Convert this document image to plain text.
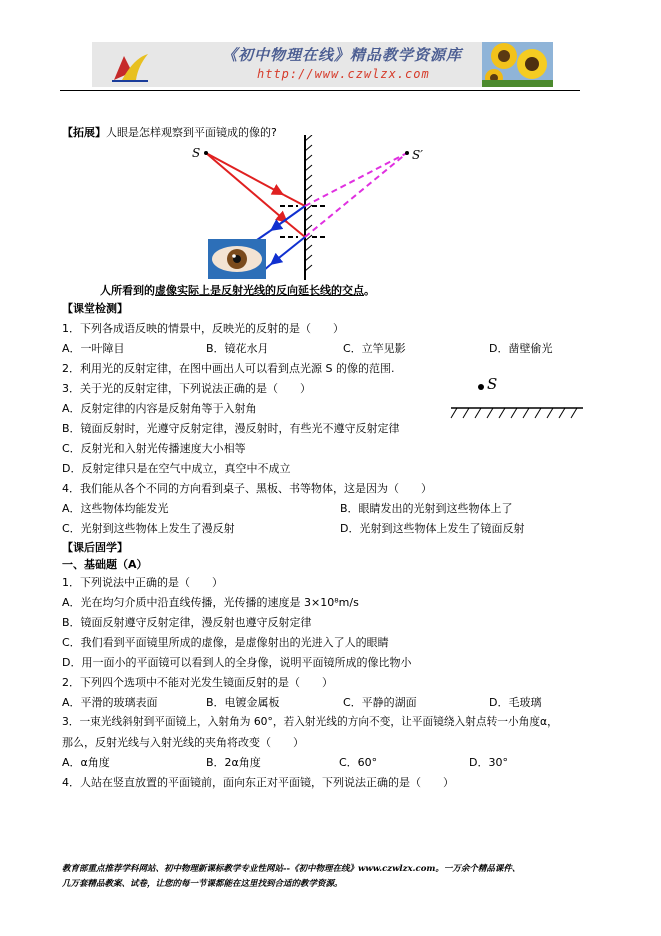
《初中物理在线》精品教学资源库
http://www.czwlzx.com
【拓展】人眼是怎样观察到平面镜成的像的?
S	S′
人所看到的虚像实际上是反射光线的反向延长线的交点。
【课堂检测】
1．下列各成语反映的情景中，反映光的反射的是（　　）
A．一叶障目	B．镜花水月	C．立竿见影	D．凿壁偷光
2．利用光的反射定律，在图中画出人可以看到点光源 S 的像的范围.
3．关于光的反射定律，下列说法正确的是（　　）	S
A．反射定律的内容是反射角等于入射角
B．镜面反射时，光遵守反射定律，漫反射时，有些光不遵守反射定律
C．反射光和入射光传播速度大小相等
D．反射定律只是在空气中成立，真空中不成立
4．我们能从各个不同的方向看到桌子、黑板、书等物体，这是因为（　　）
A．这些物体均能发光	B．眼睛发出的光射到这些物体上了
C．光射到这些物体上发生了漫反射	D．光射到这些物体上发生了镜面反射
【课后固学】
一、基础题（A）
1．下列说法中正确的是（　　）
A．光在均匀介质中沿直线传播，光传播的速度是 3×10⁸m/s
B．镜面反射遵守反射定律，漫反射也遵守反射定律
C．我们看到平面镜里所成的虚像，是虚像射出的光进入了人的眼睛
D．用一面小的平面镜可以看到人的全身像，说明平面镜所成的像比物小
2．下列四个选项中不能对光发生镜面反射的是（　　）
A．平滑的玻璃表面	B．电镀金属板	C．平静的湖面	D．毛玻璃
3．一束光线斜射到平面镜上，入射角为 60°，若入射光线的方向不变，让平面镜绕入射点转一小角度α，
那么，反射光线与入射光线的夹角将改变（　　）
A．α角度	B．2α角度	C．60°	D．30°
4．人站在竖直放置的平面镜前，面向东正对平面镜，下列说法正确的是（　　）
教育部重点推荐学科网站、初中物理新课标教学专业性网站--《初中物理在线》www.czwlzx.com。一万余个精品课件、
几万套精品教案、试卷，让您的每一节课都能在这里找到合适的教学资源。
